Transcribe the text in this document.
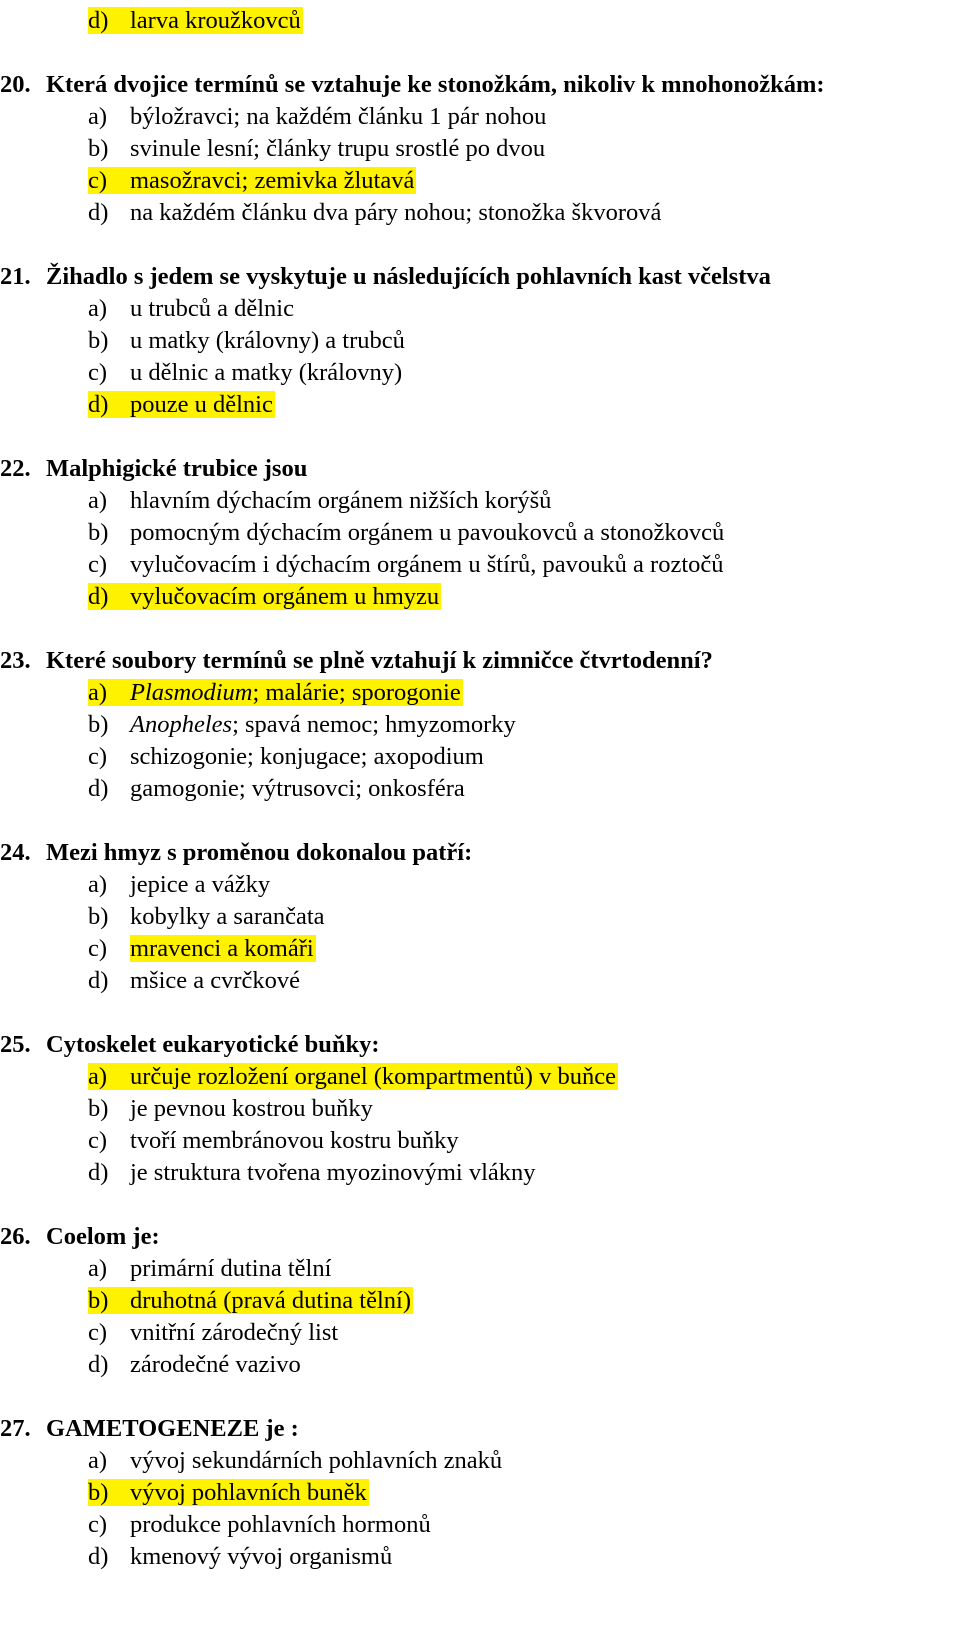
d) larva kroužkovců
20. Která dvojice termínů se vztahuje ke stonožkám, nikoliv k mnohonožkám:
a) býložravci; na každém článku 1 pár nohou
b) svinule lesní; články trupu srostlé po dvou
c) masožravci; zemivka žlutavá
d) na každém článku dva páry nohou; stonožka škvorová
21. Žihadlo s jedem se vyskytuje u následujících pohlavních kast včelstva
a) u trubců a dělnic
b) u matky (královny) a trubců
c) u dělnic a matky (královny)
d) pouze u dělnic
22. Malphigické trubice jsou
a) hlavním dýchacím orgánem nižších korýšů
b) pomocným dýchacím orgánem u pavoukovců a stonožkovců
c) vylučovacím i dýchacím orgánem u štírů, pavouků a roztočů
d) vylučovacím orgánem u hmyzu
23. Které soubory termínů se plně vztahují k zimničce čtvrtodenní?
a) Plasmodium; malárie; sporogonie
b) Anopheles; spavá nemoc; hmyzomorky
c) schizogonie; konjugace; axopodium
d) gamogonie; výtrusovci; onkosféra
24. Mezi hmyz s proměnou dokonalou patří:
a) jepice a vážky
b) kobylky a sarančata
c) mravenci a komáři
d) mšice a cvrčkové
25. Cytoskelet eukaryotické buňky:
a) určuje rozložení organel (kompartmentů) v buňce
b) je pevnou kostrou buňky
c) tvoří membránovou kostru buňky
d) je struktura tvořena myozinovými vlákny
26. Coelom je:
a) primární dutina tělní
b) druhotná (pravá dutina tělní)
c) vnitřní zárodečný list
d) zárodečné vazivo
27. GAMETOGENEZE je :
a) vývoj sekundárních pohlavních znaků
b) vývoj pohlavních buněk
c) produkce pohlavních hormonů
d) kmenový vývoj organismů
